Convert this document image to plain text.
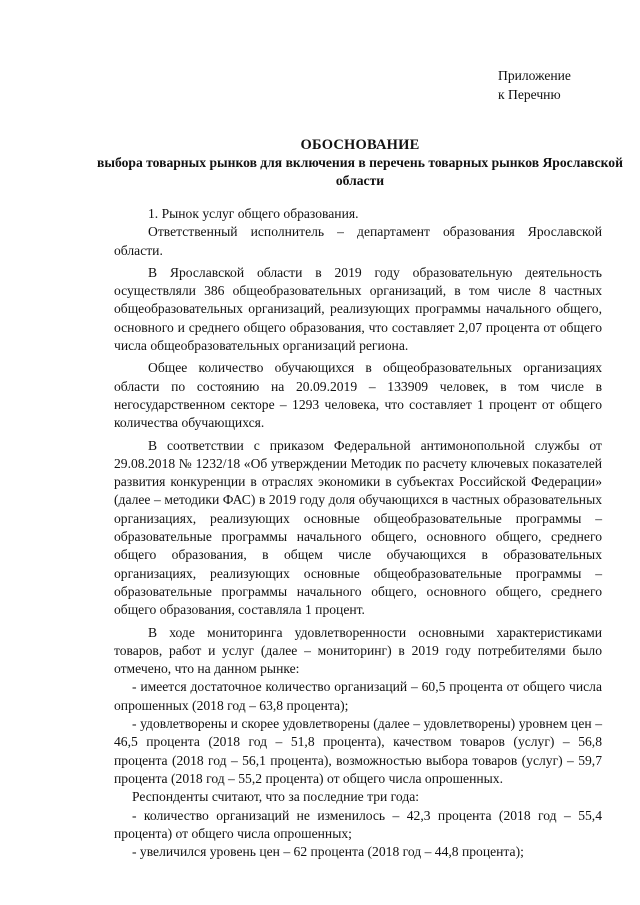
Приложение
к Перечню
ОБОСНОВАНИЕ
выбора товарных рынков для включения в перечень товарных рынков Ярославской области

1. Рынок услуг общего образования.

Ответственный исполнитель – департамент образования Ярославской области.

В Ярославской области в 2019 году образовательную деятельность осуществляли 386 общеобразовательных организаций, в том числе 8 частных общеобразовательных организаций, реализующих программы начального общего, основного и среднего общего образования, что составляет 2,07 процента от общего числа общеобразовательных организаций региона.

Общее количество обучающихся в общеобразовательных организациях области по состоянию на 20.09.2019 – 133909 человек, в том числе в негосударственном секторе – 1293 человека, что составляет 1 процент от общего количества обучающихся.

В соответствии с приказом Федеральной антимонопольной службы от 29.08.2018 № 1232/18 «Об утверждении Методик по расчету ключевых показателей развития конкуренции в отраслях экономики в субъектах Российской Федерации» (далее – методики ФАС) в 2019 году доля обучающихся в частных образовательных организациях, реализующих основные общеобразовательные программы – образовательные программы начального общего, основного общего, среднего общего образования, в общем числе обучающихся в образовательных организациях, реализующих основные общеобразовательные программы – образовательные программы начального общего, основного общего, среднего общего образования, составляла 1 процент.

В ходе мониторинга удовлетворенности основными характеристиками товаров, работ и услуг (далее – мониторинг) в 2019 году потребителями было отмечено, что на данном рынке:

- имеется достаточное количество организаций – 60,5 процента от общего числа опрошенных (2018 год – 63,8 процента);

- удовлетворены и скорее удовлетворены (далее – удовлетворены) уровнем цен – 46,5 процента (2018 год – 51,8 процента), качеством товаров (услуг) – 56,8 процента (2018 год – 56,1 процента), возможностью выбора товаров (услуг) – 59,7 процента (2018 год – 55,2 процента) от общего числа опрошенных.

Респонденты считают, что за последние три года:

- количество организаций не изменилось – 42,3 процента (2018 год – 55,4 процента) от общего числа опрошенных;

- увеличился уровень цен – 62 процента (2018 год – 44,8 процента);
